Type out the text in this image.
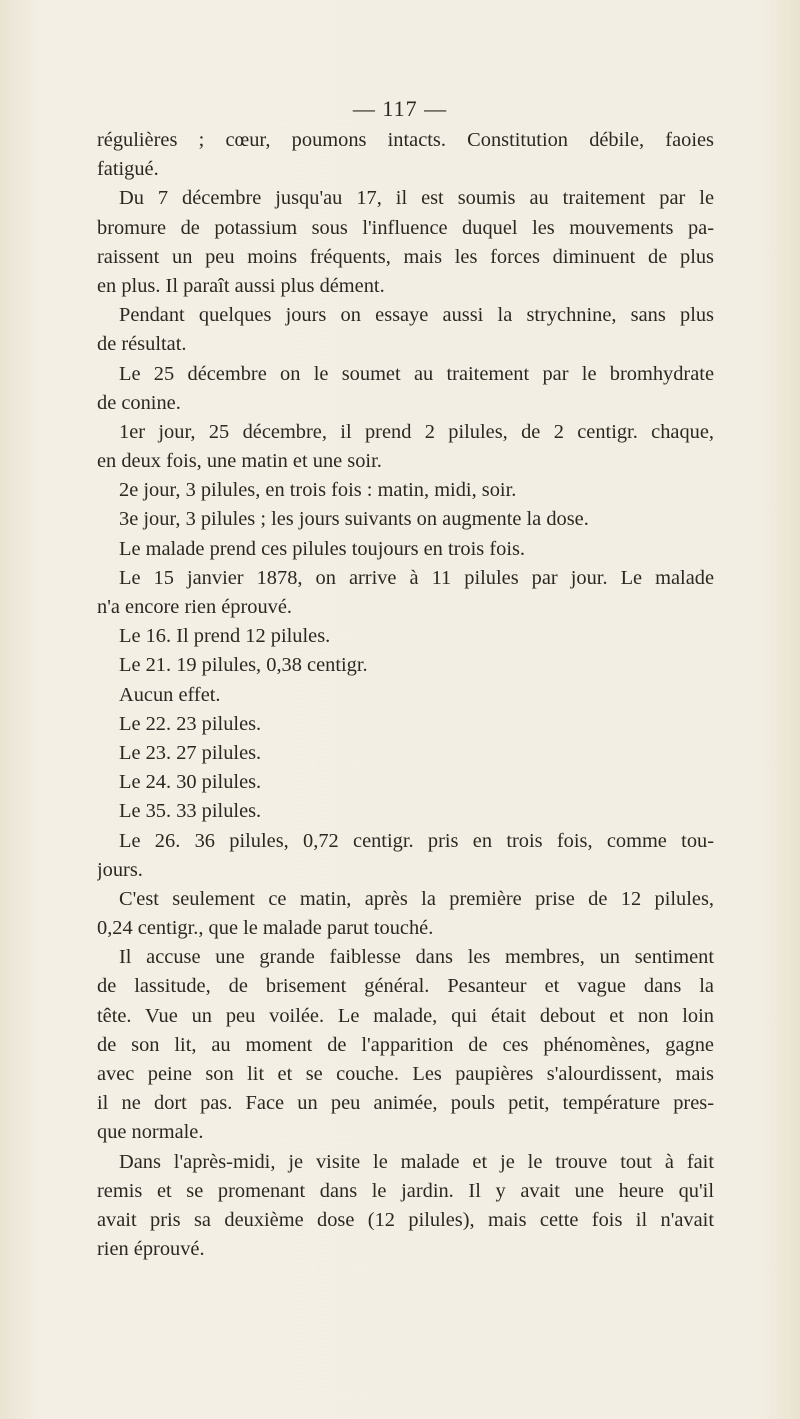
— 117 —
régulières ; cœur, poumons intacts. Constitution débile, faoies
fatigué.
Du 7 décembre jusqu'au 17, il est soumis au traitement par le
bromure de potassium sous l'influence duquel les mouvements pa-
raissent un peu moins fréquents, mais les forces diminuent de plus
en plus. Il paraît aussi plus dément.
Pendant quelques jours on essaye aussi la strychnine, sans plus
de résultat.
Le 25 décembre on le soumet au traitement par le bromhydrate
de conine.
1er jour, 25 décembre, il prend 2 pilules, de 2 centigr. chaque,
en deux fois, une matin et une soir.
2e jour, 3 pilules, en trois fois : matin, midi, soir.
3e jour, 3 pilules ; les jours suivants on augmente la dose.
Le malade prend ces pilules toujours en trois fois.
Le 15 janvier 1878, on arrive à 11 pilules par jour. Le malade
n'a encore rien éprouvé.
Le 16. Il prend 12 pilules.
Le 21. 19 pilules, 0,38 centigr.
Aucun effet.
Le 22. 23 pilules.
Le 23. 27 pilules.
Le 24. 30 pilules.
Le 35. 33 pilules.
Le 26. 36 pilules, 0,72 centigr. pris en trois fois, comme tou-
jours.
C'est seulement ce matin, après la première prise de 12 pilules,
0,24 centigr., que le malade parut touché.
Il accuse une grande faiblesse dans les membres, un sentiment
de lassitude, de brisement général. Pesanteur et vague dans la
tête. Vue un peu voilée. Le malade, qui était debout et non loin
de son lit, au moment de l'apparition de ces phénomènes, gagne
avec peine son lit et se couche. Les paupières s'alourdissent, mais
il ne dort pas. Face un peu animée, pouls petit, température pres-
que normale.
Dans l'après-midi, je visite le malade et je le trouve tout à fait
remis et se promenant dans le jardin. Il y avait une heure qu'il
avait pris sa deuxième dose (12 pilules), mais cette fois il n'avait
rien éprouvé.
